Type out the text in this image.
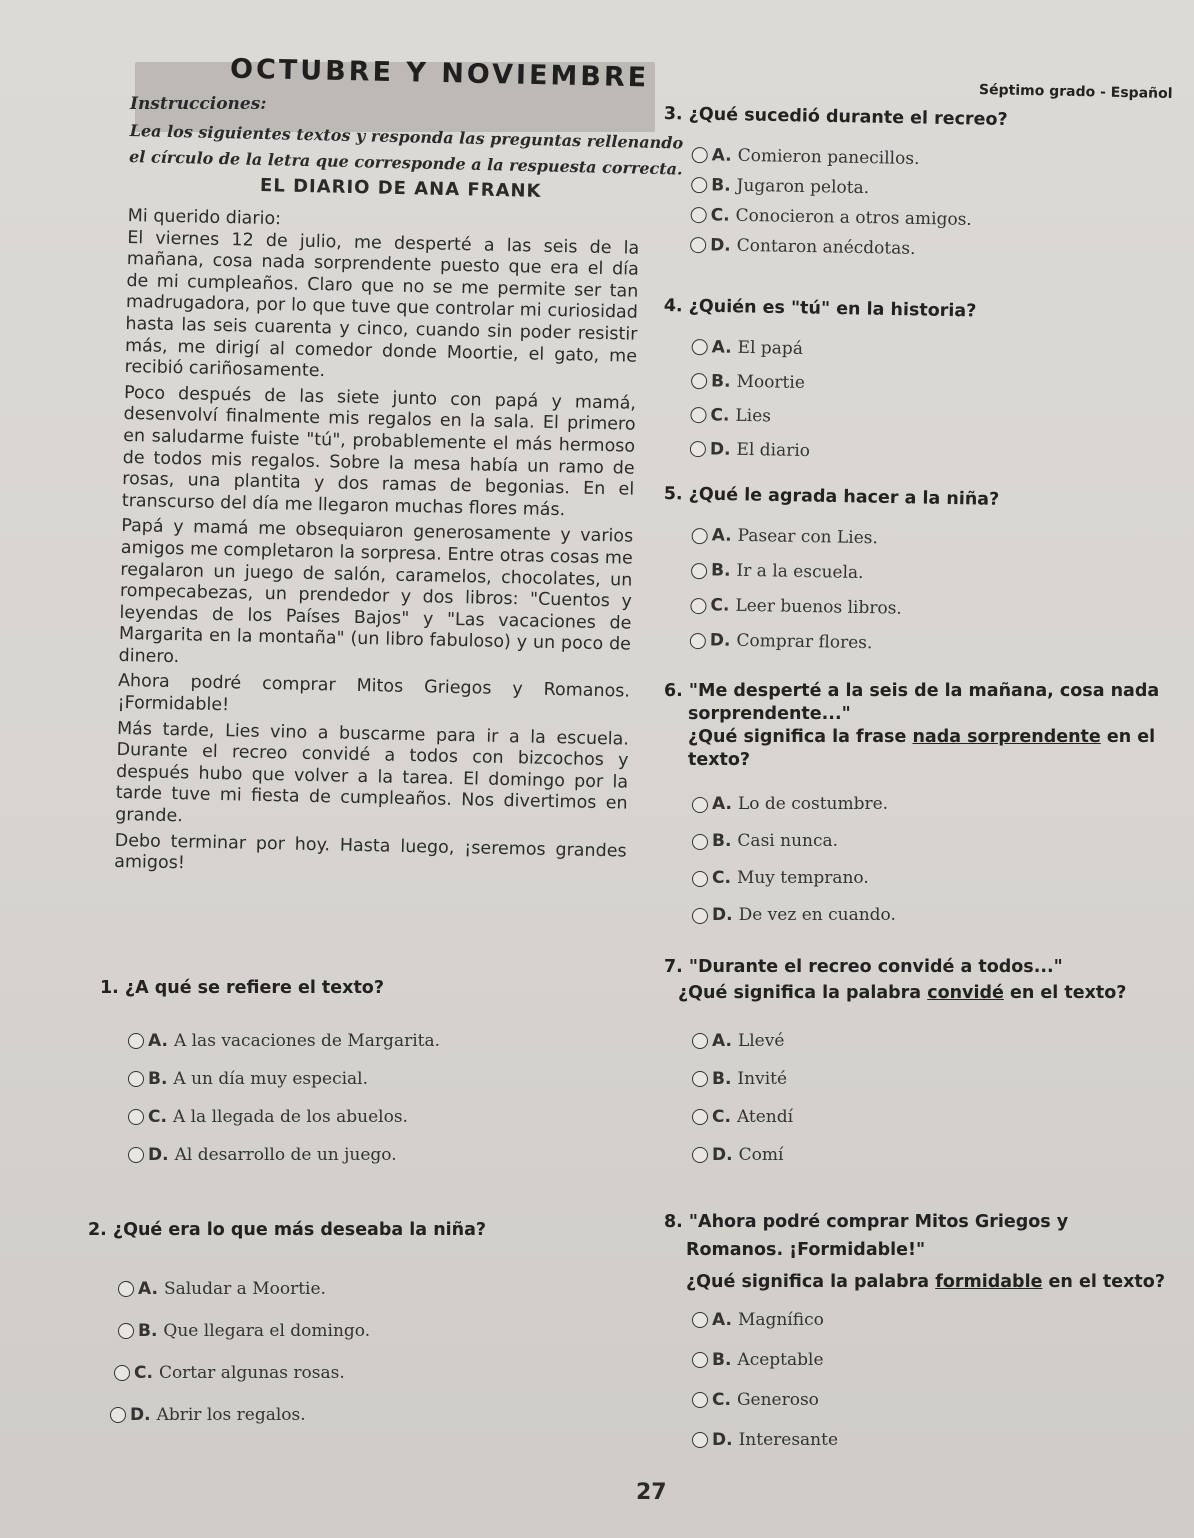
OCTUBRE Y NOVIEMBRE	Séptimo grado - Español
Instrucciones:
Lea los siguientes textos y responda las preguntas rellenando el círculo de la letra que corresponde a la respuesta correcta.
EL DIARIO DE ANA FRANK

Mi querido diario:

El viernes 12 de julio, me desperté a las seis de la mañana, cosa nada sorprendente puesto que era el día de mi cumpleaños. Claro que no se me permite ser tan madrugadora, por lo que tuve que controlar mi curiosidad hasta las seis cuarenta y cinco, cuando sin poder resistir más, me dirigí al comedor donde Moortie, el gato, me recibió cariñosamente.

Poco después de las siete junto con papá y mamá, desenvolví finalmente mis regalos en la sala. El primero en saludarme fuiste "tú", probablemente el más hermoso de todos mis regalos. Sobre la mesa había un ramo de rosas, una plantita y dos ramas de begonias. En el transcurso del día me llegaron muchas flores más.

Papá y mamá me obsequiaron generosamente y varios amigos me completaron la sorpresa. Entre otras cosas me regalaron un juego de salón, caramelos, chocolates, un rompecabezas, un prendedor y dos libros: "Cuentos y leyendas de los Países Bajos" y "Las vacaciones de Margarita en la montaña" (un libro fabuloso) y un poco de dinero.

Ahora podré comprar Mitos Griegos y Romanos. ¡Formidable!

Más tarde, Lies vino a buscarme para ir a la escuela. Durante el recreo convidé a todos con bizcochos y después hubo que volver a la tarea. El domingo por la tarde tuve mi fiesta de cumpleaños. Nos divertimos en grande.

Debo terminar por hoy. Hasta luego, ¡seremos grandes amigos!

1. ¿A qué se refiere el texto?
A. A las vacaciones de Margarita.
B. A un día muy especial.
C. A la llegada de los abuelos.
D. Al desarrollo de un juego.
2. ¿Qué era lo que más deseaba la niña?
A. Saludar a Moortie.
B. Que llegara el domingo.
C. Cortar algunas rosas.
D. Abrir los regalos.
3. ¿Qué sucedió durante el recreo?
A. Comieron panecillos.
B. Jugaron pelota.
C. Conocieron a otros amigos.
D. Contaron anécdotas.
4. ¿Quién es "tú" en la historia?
A. El papá
B. Moortie
C. Lies
D. El diario
5. ¿Qué le agrada hacer a la niña?
A. Pasear con Lies.
B. Ir a la escuela.
C. Leer buenos libros.
D. Comprar flores.
6. "Me desperté a la seis de la mañana, cosa nada
sorprendente..."
¿Qué significa la frase nada sorprendente en el
texto?
A. Lo de costumbre.
B. Casi nunca.
C. Muy temprano.
D. De vez en cuando.
7. "Durante el recreo convidé a todos..."
¿Qué significa la palabra convidé en el texto?
A. Llevé
B. Invité
C. Atendí
D. Comí
8. "Ahora podré comprar Mitos Griegos y
Romanos. ¡Formidable!"
¿Qué significa la palabra formidable en el texto?
A. Magnífico
B. Aceptable
C. Generoso
D. Interesante
27
